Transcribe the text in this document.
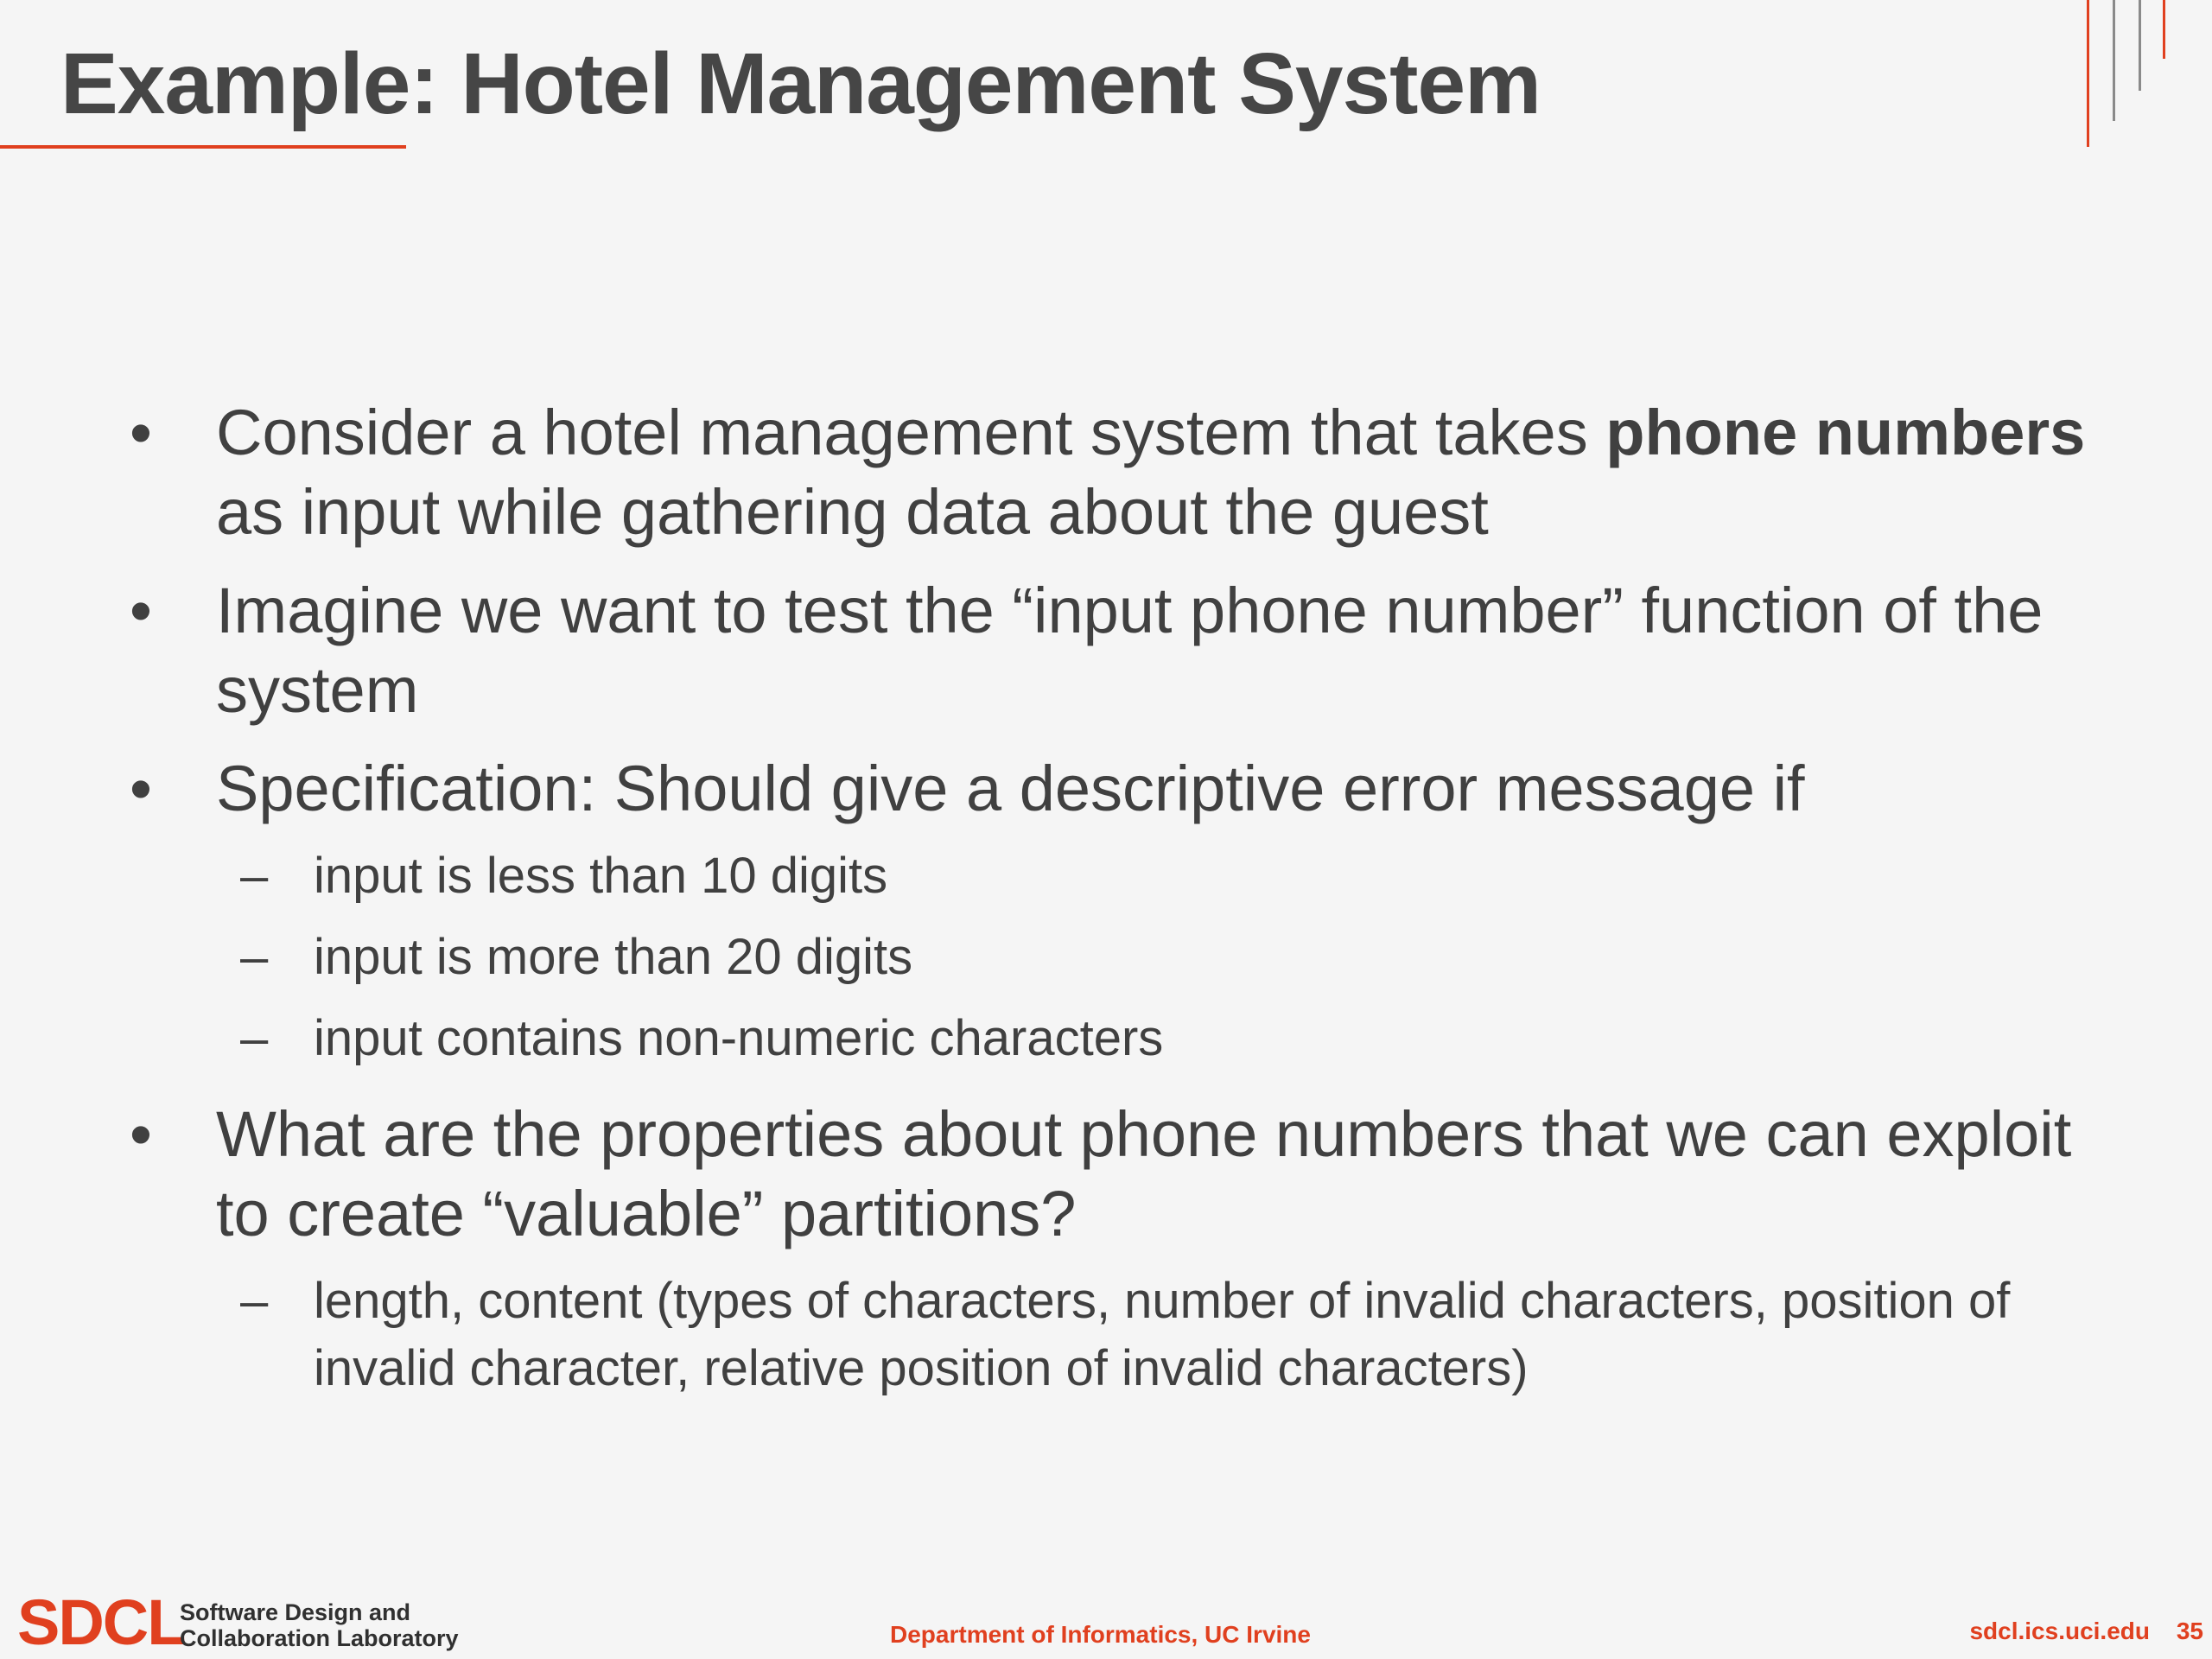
Example: Hotel Management System
• Consider a hotel management system that takes phone numbers as input while gathering data about the guest
• Imagine we want to test the “input phone number” function of the system
• Specification: Should give a descriptive error message if
– input is less than 10 digits
– input is more than 20 digits
– input contains non-numeric characters
• What are the properties about phone numbers that we can exploit to create “valuable” partitions?
– length, content (types of characters, number of invalid characters, position of invalid character, relative position of invalid characters)
SDCL
Software Design and
Collaboration Laboratory	Department of Informatics, UC Irvine	sdcl.ics.uci.edu 35
